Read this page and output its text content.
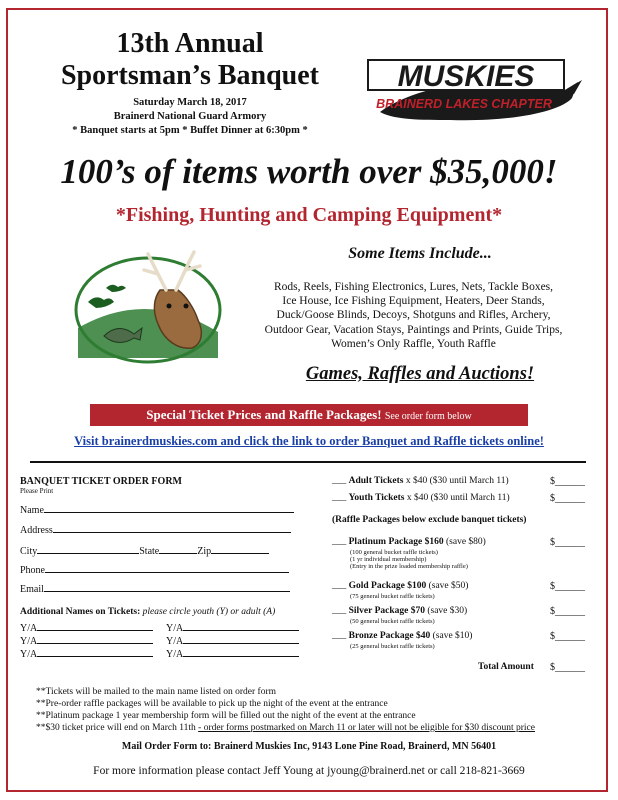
13th Annual
Sportsman’s Banquet
Saturday March 18, 2017
Brainerd National Guard Armory
* Banquet starts at 5pm * Buffet Dinner at 6:30pm *
MUSKIES
INC.
BRAINERD LAKES CHAPTER
100’s of items worth over $35,000!
*Fishing, Hunting and Camping Equipment*
Some Items Include...
Rods, Reels, Fishing Electronics, Lures, Nets, Tackle Boxes,
Ice House, Ice Fishing Equipment, Heaters, Deer Stands,
Duck/Goose Blinds, Decoys, Shotguns and Rifles, Archery,
Outdoor Gear, Vacation Stays, Paintings and Prints, Guide Trips,
Women’s Only Raffle, Youth Raffle
Games, Raffles and Auctions!
Special Ticket Prices and Raffle Packages! See order form below
Visit brainerdmuskies.com and click the link to order Banquet and Raffle tickets online!
BANQUET TICKET ORDER FORM
Please Print
Name
Address
City	State	Zip
Phone
Email
Additional Names on Tickets: please circle youth (Y) or adult (A)
Y/A	Y/A
Y/A	Y/A
Y/A	Y/A
___ Adult Tickets x $40 ($30 until March 11)	$______
___ Youth Tickets x $40 ($30 until March 11)	$______
(Raffle Packages below exclude banquet tickets)
___ Platinum Package $160 (save $80)
(100 general bucket raffle tickets)
(1 yr individual membership)
(Entry in the prize loaded membership raffle)
$______
___ Gold Package $100 (save $50)
(75 general bucket raffle tickets)
$______
___ Silver Package $70 (save $30)
(50 general bucket raffle tickets)
$______
___ Bronze Package $40 (save $10)
(25 general bucket raffle tickets)
$______
Total Amount $______
**Tickets will be mailed to the main name listed on order form
**Pre-order raffle packages will be available to pick up the night of the event at the entrance
**Platinum package 1 year membership form will be filled out the night of the event at the entrance
**$30 ticket price will end on March 11th - order forms postmarked on March 11 or later will not be eligible for $30 discount price
Mail Order Form to: Brainerd Muskies Inc, 9143 Lone Pine Road, Brainerd, MN 56401
For more information please contact Jeff Young at jyoung@brainerd.net or call 218-821-3669
